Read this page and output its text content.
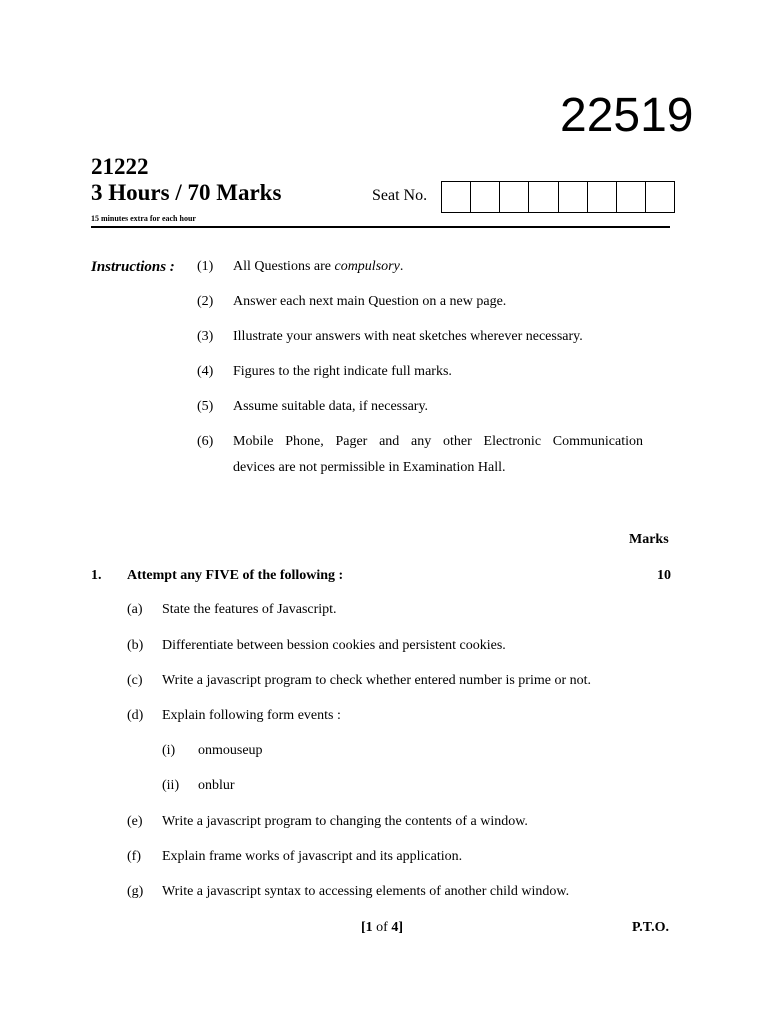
22519
21222
3 Hours / 70 Marks
15 minutes extra for each hour
Seat No.
Instructions : (1) All Questions are compulsory.
(2) Answer each next main Question on a new page.
(3) Illustrate your answers with neat sketches wherever necessary.
(4) Figures to the right indicate full marks.
(5) Assume suitable data, if necessary.
(6) Mobile Phone, Pager and any other Electronic Communication
devices are not permissible in Examination Hall.
Marks
1. Attempt any FIVE of the following :	10
(a) State the features of Javascript.
(b) Differentiate between bession cookies and persistent cookies.
(c) Write a javascript program to check whether entered number is prime or not.
(d) Explain following form events :
(i) onmouseup
(ii) onblur
(e) Write a javascript program to changing the contents of a window.
(f) Explain frame works of javascript and its application.
(g) Write a javascript syntax to accessing elements of another child window.
[1 of 4]	P.T.O.
